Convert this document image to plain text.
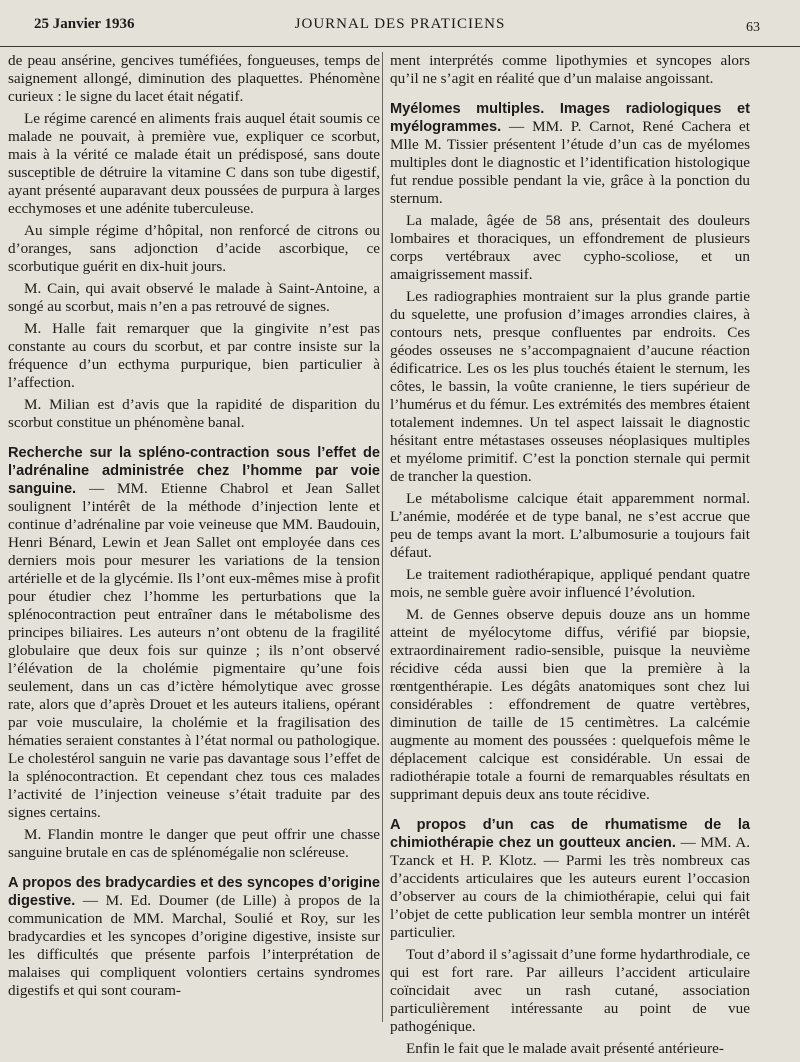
25 Janvier 1936	JOURNAL DES PRATICIENS	63

de peau ansérine, gencives tuméfiées, fongueuses, temps de saignement allongé, diminution des plaquettes. Phénomène curieux : le signe du lacet était négatif.

Le régime carencé en aliments frais auquel était soumis ce malade ne pouvait, à première vue, expliquer ce scorbut, mais à la vérité ce malade était un prédisposé, sans doute susceptible de détruire la vitamine C dans son tube digestif, ayant présenté auparavant deux poussées de purpura à larges ecchymoses et une adénite tuberculeuse.

Au simple régime d’hôpital, non renforcé de citrons ou d’oranges, sans adjonction d’acide ascorbique, ce scorbutique guérit en dix-huit jours.

M. Cain, qui avait observé le malade à Saint-Antoine, a songé au scorbut, mais n’en a pas retrouvé de signes.

M. Halle fait remarquer que la gingivite n’est pas constante au cours du scorbut, et par contre insiste sur la fréquence d’un ecthyma purpurique, bien particulier à l’affection.

M. Milian est d’avis que la rapidité de disparition du scorbut constitue un phénomène banal.

Recherche sur la spléno-contraction sous l’effet de l’adrénaline administrée chez l’homme par voie sanguine. — MM. Etienne Chabrol et Jean Sallet soulignent l’intérêt de la méthode d’injection lente et continue d’adrénaline par voie veineuse que MM. Baudouin, Henri Bénard, Lewin et Jean Sallet ont employée dans ces derniers mois pour mesurer les variations de la tension artérielle et de la glycémie. Ils l’ont eux-mêmes mise à profit pour étudier chez l’homme les perturbations que la splénocontraction peut entraîner dans le métabolisme des principes biliaires. Les auteurs n’ont obtenu de la fragilité globulaire que deux fois sur quinze ; ils n’ont observé l’élévation de la cholémie pigmentaire qu’une fois seulement, dans un cas d’ictère hémolytique avec grosse rate, alors que d’après Drouet et les auteurs italiens, opérant par voie musculaire, la cholémie et la fragilisation des hématies seraient constantes à l’état normal ou pathologique. Le cholestérol sanguin ne varie pas davantage sous l’effet de la splénocontraction. Et cependant chez tous ces malades l’activité de l’injection veineuse s’était traduite par des signes certains.

M. Flandin montre le danger que peut offrir une chasse sanguine brutale en cas de splénomégalie non scléreuse.

A propos des bradycardies et des syncopes d’origine digestive. — M. Ed. Doumer (de Lille) à propos de la communication de MM. Marchal, Soulié et Roy, sur les bradycardies et les syncopes d’origine digestive, insiste sur les difficultés que présente parfois l’interprétation de malaises qui compliquent volontiers certains syndromes digestifs et qui sont couram-

ment interprétés comme lipothymies et syncopes alors qu’il ne s’agit en réalité que d’un malaise angoissant.

Myélomes multiples. Images radiologiques et myélogrammes. — MM. P. Carnot, René Cachera et Mlle M. Tissier présentent l’étude d’un cas de myélomes multiples dont le diagnostic et l’identification histologique fut rendue possible pendant la vie, grâce à la ponction du sternum.

La malade, âgée de 58 ans, présentait des douleurs lombaires et thoraciques, un effondrement de plusieurs corps vertébraux avec cypho-scoliose, et un amaigrissement massif.

Les radiographies montraient sur la plus grande partie du squelette, une profusion d’images arrondies claires, à contours nets, presque confluentes par endroits. Ces géodes osseuses ne s’accompagnaient d’aucune réaction édificatrice. Les os les plus touchés étaient le sternum, les côtes, le bassin, la voûte cranienne, le tiers supérieur de l’humérus et du fémur. Les extrémités des membres étaient totalement indemnes. Un tel aspect laissait le diagnostic hésitant entre métastases osseuses néoplasiques multiples et myélome primitif. C’est la ponction sternale qui permit de trancher la question.

Le métabolisme calcique était apparemment normal. L’anémie, modérée et de type banal, ne s’est accrue que peu de temps avant la mort. L’albumosurie a toujours fait défaut.

Le traitement radiothérapique, appliqué pendant quatre mois, ne semble guère avoir influencé l’évolution.

M. de Gennes observe depuis douze ans un homme atteint de myélocytome diffus, vérifié par biopsie, extraordinairement radio-sensible, puisque la neuvième récidive céda aussi bien que la première à la rœntgenthérapie. Les dégâts anatomiques sont chez lui considérables : effondrement de quatre vertèbres, diminution de taille de 15 centimètres. La calcémie augmente au moment des poussées : quelquefois même le déplacement calcique est considérable. Un essai de radiothérapie totale a fourni de remarquables résultats en supprimant depuis deux ans toute récidive.

A propos d’un cas de rhumatisme de la chimiothérapie chez un goutteux ancien. — MM. A. Tzanck et H. P. Klotz. — Parmi les très nombreux cas d’accidents articulaires que les auteurs eurent l’occasion d’observer au cours de la chimiothérapie, celui qui fait l’objet de cette publication leur sembla montrer un intérêt particulier.

Tout d’abord il s’agissait d’une forme hydarthrodiale, ce qui est fort rare. Par ailleurs l’accident articulaire coïncidait avec un rash cutané, association particulièrement intéressante au point de vue pathogénique.

Enfin le fait que le malade avait présenté antérieure-
